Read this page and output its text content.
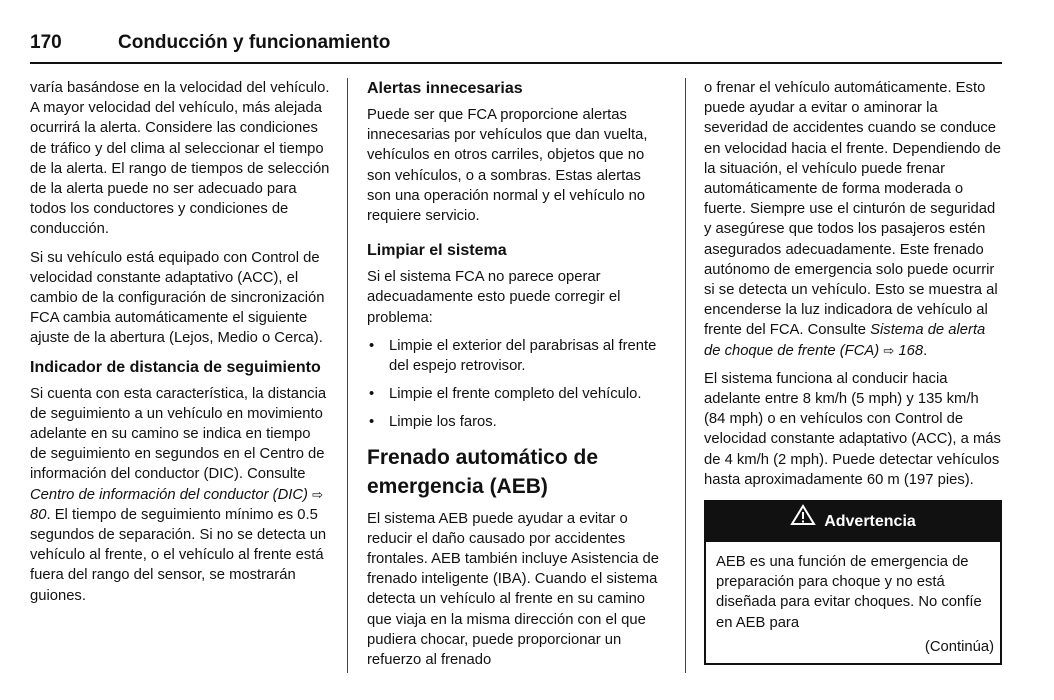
170	Conducción y funcionamiento

varía basándose en la velocidad del vehículo. A mayor velocidad del vehículo, más alejada ocurrirá la alerta. Considere las condiciones de tráfico y del clima al seleccionar el tiempo de la alerta. El rango de tiempos de selección de la alerta puede no ser adecuado para todos los conductores y condiciones de conducción.

Si su vehículo está equipado con Control de velocidad constante adaptativo (ACC), el cambio de la configuración de sincronización FCA cambia automáticamente el siguiente ajuste de la abertura (Lejos, Medio o Cerca).

Indicador de distancia de seguimiento

Si cuenta con esta característica, la distancia de seguimiento a un vehículo en movimiento adelante en su camino se indica en tiempo de seguimiento en segundos en el Centro de información del conductor (DIC). Consulte Centro de información del conductor (DIC) ⇨ 80. El tiempo de seguimiento mínimo es 0.5 segundos de separación. Si no se detecta un vehículo al frente, o el vehículo al frente está fuera del rango del sensor, se mostrarán guiones.

Alertas innecesarias

Puede ser que FCA proporcione alertas innecesarias por vehículos que dan vuelta, vehículos en otros carriles, objetos que no son vehículos, o a sombras. Estas alertas son una operación normal y el vehículo no requiere servicio.

Limpiar el sistema

Si el sistema FCA no parece operar adecuadamente esto puede corregir el problema:

• Limpie el exterior del parabrisas al frente del espejo retrovisor.
• Limpie el frente completo del vehículo.
• Limpie los faros.
Frenado automático de emergencia (AEB)

El sistema AEB puede ayudar a evitar o reducir el daño causado por accidentes frontales. AEB también incluye Asistencia de frenado inteligente (IBA). Cuando el sistema detecta un vehículo al frente en su camino que viaja en la misma dirección con el que pudiera chocar, puede proporcionar un refuerzo al frenado

o frenar el vehículo automáticamente. Esto puede ayudar a evitar o aminorar la severidad de accidentes cuando se conduce en velocidad hacia el frente. Dependiendo de la situación, el vehículo puede frenar automáticamente de forma moderada o fuerte. Siempre use el cinturón de seguridad y asegúrese que todos los pasajeros estén asegurados adecuadamente. Este frenado autónomo de emergencia solo puede ocurrir si se detecta un vehículo. Esto se muestra al encenderse la luz indicadora de vehículo al frente del FCA. Consulte Sistema de alerta de choque de frente (FCA) ⇨ 168.

El sistema funciona al conducir hacia adelante entre 8 km/h (5 mph) y 135 km/h (84 mph) o en vehículos con Control de velocidad constante adaptativo (ACC), a más de 4 km/h (2 mph). Puede detectar vehículos hasta aproximadamente 60 m (197 pies).

Advertencia
AEB es una función de emergencia de preparación para choque y no está diseñada para evitar choques. No confíe en AEB para
(Continúa)
